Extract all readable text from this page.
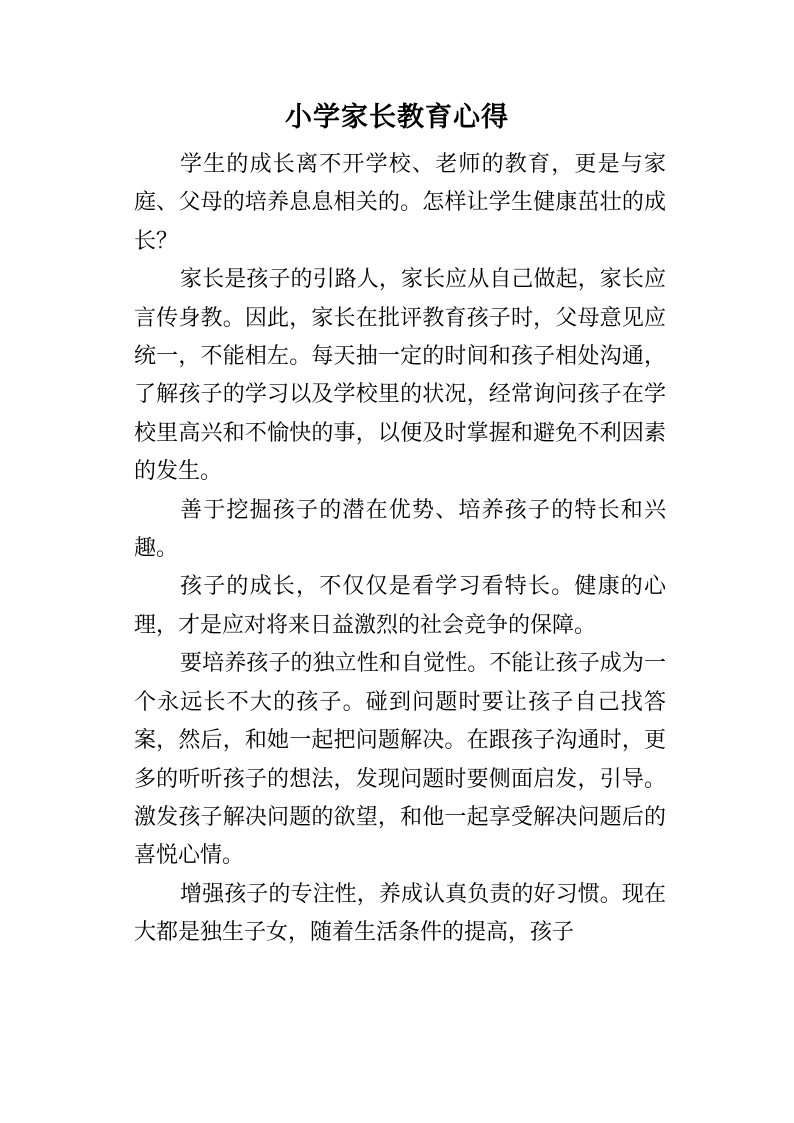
小学家长教育心得

学生的成长离不开学校、老师的教育，更是与家庭、父母的培养息息相关的。怎样让学生健康茁壮的成长？

家长是孩子的引路人，家长应从自己做起，家长应言传身教。因此，家长在批评教育孩子时，父母意见应统一，不能相左。每天抽一定的时间和孩子相处沟通，了解孩子的学习以及学校里的状况，经常询问孩子在学校里高兴和不愉快的事，以便及时掌握和避免不利因素的发生。

善于挖掘孩子的潜在优势、培养孩子的特长和兴趣。

孩子的成长，不仅仅是看学习看特长。健康的心理，才是应对将来日益激烈的社会竞争的保障。

要培养孩子的独立性和自觉性。不能让孩子成为一个永远长不大的孩子。碰到问题时要让孩子自己找答案，然后，和她一起把问题解决。在跟孩子沟通时，更多的听听孩子的想法，发现问题时要侧面启发，引导。激发孩子解决问题的欲望，和他一起享受解决问题后的喜悦心情。

增强孩子的专注性，养成认真负责的好习惯。现在大都是独生子女，随着生活条件的提高，孩子
